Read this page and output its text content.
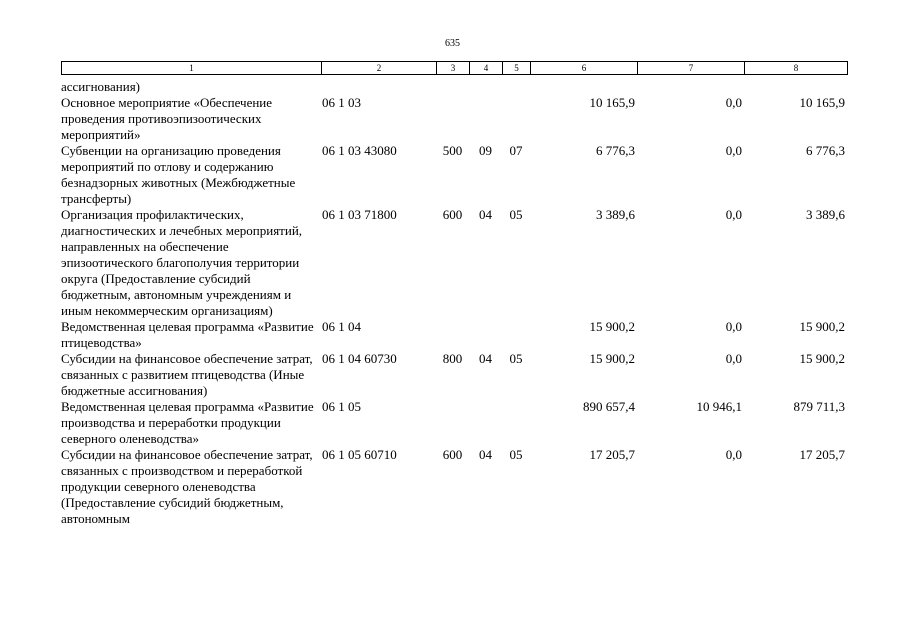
635
1	2	3	4	5	6	7	8
ассигнования)							
Основное мероприятие «Обеспечение проведения противоэпизоотических мероприятий»	06 1 03				10 165,9	0,0	10 165,9
Субвенции на организацию проведения мероприятий по отлову и содержанию безнадзорных животных (Межбюджетные трансферты)	06 1 03 43080	500	09	07	6 776,3	0,0	6 776,3
Организация профилактических, диагностических и лечебных мероприятий, направленных на обеспечение эпизоотического благополучия территории округа (Предоставление субсидий бюджетным, автономным учреждениям и иным некоммерческим организациям)	06 1 03 71800	600	04	05	3 389,6	0,0	3 389,6
Ведомственная целевая программа «Развитие птицеводства»	06 1 04				15 900,2	0,0	15 900,2
Субсидии на финансовое обеспечение затрат, связанных с развитием птицеводства (Иные бюджетные ассигнования)	06 1 04 60730	800	04	05	15 900,2	0,0	15 900,2
Ведомственная целевая программа «Развитие производства и переработки продукции северного оленеводства»	06 1 05				890 657,4	10 946,1	879 711,3
Субсидии на финансовое обеспечение затрат, связанных с производством и переработкой продукции северного оленеводства (Предоставление субсидий бюджетным, автономным	06 1 05 60710	600	04	05	17 205,7	0,0	17 205,7
